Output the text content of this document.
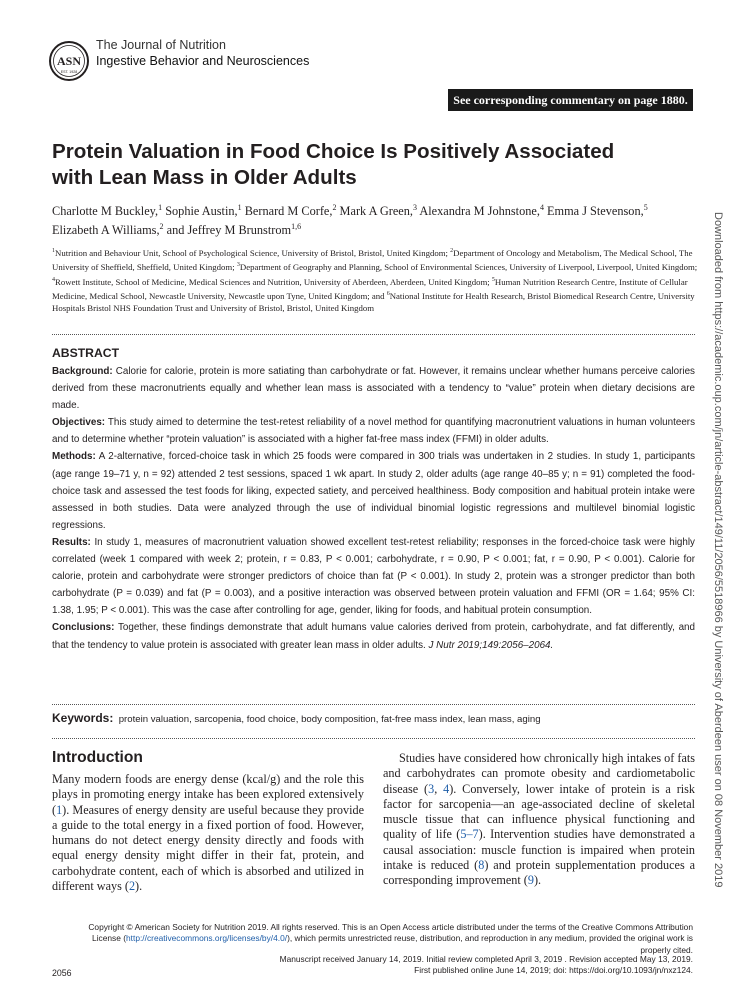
ASN
EST. 1928
The Journal of Nutrition
Ingestive Behavior and Neurosciences
See corresponding commentary on page 1880.
Protein Valuation in Food Choice Is Positively Associated with Lean Mass in Older Adults
Charlotte M Buckley,$^1$ Sophie Austin,$^1$ Bernard M Corfe,$^2$ Mark A Green,$^3$ Alexandra M Johnstone,$^4$ Emma J Stevenson,$^5$ Elizabeth A Williams,$^2$ and Jeffrey M Brunstrom$^{1,6}$
$^1$Nutrition and Behaviour Unit, School of Psychological Science, University of Bristol, Bristol, United Kingdom; $^2$Department of Oncology and Metabolism, The Medical School, The University of Sheffield, Sheffield, United Kingdom; $^3$Department of Geography and Planning, School of Environmental Sciences, University of Liverpool, Liverpool, United Kingdom; $^4$Rowett Institute, School of Medicine, Medical Sciences and Nutrition, University of Aberdeen, Aberdeen, United Kingdom; $^5$Human Nutrition Research Centre, Institute of Cellular Medicine, Medical School, Newcastle University, Newcastle upon Tyne, United Kingdom; and $^6$National Institute for Health Research, Bristol Biomedical Research Centre, University Hospitals Bristol NHS Foundation Trust and University of Bristol, Bristol, United Kingdom
ABSTRACT

Background: Calorie for calorie, protein is more satiating than carbohydrate or fat. However, it remains unclear whether humans perceive calories derived from these macronutrients equally and whether lean mass is associated with a tendency to “value” protein when dietary decisions are made.

Objectives: This study aimed to determine the test-retest reliability of a novel method for quantifying macronutrient valuations in human volunteers and to determine whether “protein valuation” is associated with a higher fat-free mass index (FFMI) in older adults.

Methods: A 2-alternative, forced-choice task in which 25 foods were compared in 300 trials was undertaken in 2 studies. In study 1, participants (age range 19–71 y, n = 92) attended 2 test sessions, spaced 1 wk apart. In study 2, older adults (age range 40–85 y; n = 91) completed the food-choice task and assessed the test foods for liking, expected satiety, and perceived healthiness. Body composition and habitual protein intake were assessed in both studies. Data were analyzed through the use of individual binomial logistic regressions and multilevel binomial logistic regressions.

Results: In study 1, measures of macronutrient valuation showed excellent test-retest reliability; responses in the forced-choice task were highly correlated (week 1 compared with week 2; protein, r = 0.83, P < 0.001; carbohydrate, r = 0.90, P < 0.001; fat, r = 0.90, P < 0.001). Calorie for calorie, protein and carbohydrate were stronger predictors of choice than fat (P < 0.001). In study 2, protein was a stronger predictor than both carbohydrate (P = 0.039) and fat (P = 0.003), and a positive interaction was observed between protein valuation and FFMI (OR = 1.64; 95% CI: 1.38, 1.95; P < 0.001). This was the case after controlling for age, gender, liking for foods, and habitual protein consumption.

Conclusions: Together, these findings demonstrate that adult humans value calories derived from protein, carbohydrate, and fat differently, and that the tendency to value protein is associated with greater lean mass in older adults. J Nutr 2019;149:2056–2064.

Keywords: protein valuation, sarcopenia, food choice, body composition, fat-free mass index, lean mass, aging
Introduction

Many modern foods are energy dense (kcal/g) and the role this plays in promoting energy intake has been explored extensively (1). Measures of energy density are useful because they provide a guide to the total energy in a fixed portion of food. However, humans do not detect energy density directly and foods with equal energy density might differ in their fat, protein, and carbohydrate content, each of which is absorbed and utilized in different ways (2).

Studies have considered how chronically high intakes of fats and carbohydrates can promote obesity and cardiometabolic disease (3, 4). Conversely, lower intake of protein is a risk factor for sarcopenia—an age-associated decline of skeletal muscle tissue that can influence physical functioning and quality of life (5–7). Intervention studies have demonstrated a causal association: muscle function is impaired when protein intake is reduced (8) and protein supplementation produces a corresponding improvement (9).

Copyright © American Society for Nutrition 2019. All rights reserved. This is an Open Access article distributed under the terms of the Creative Commons Attribution License (http://creativecommons.org/licenses/by/4.0/), which permits unrestricted reuse, distribution, and reproduction in any medium, provided the original work is properly cited.
Manuscript received January 14, 2019. Initial review completed April 3, 2019 . Revision accepted May 13, 2019.
First published online June 14, 2019; doi: https://doi.org/10.1093/jn/nxz124.
2056
Downloaded from https://academic.oup.com/jn/article-abstract/149/11/2056/5518966 by University of Aberdeen user on 08 November 2019
